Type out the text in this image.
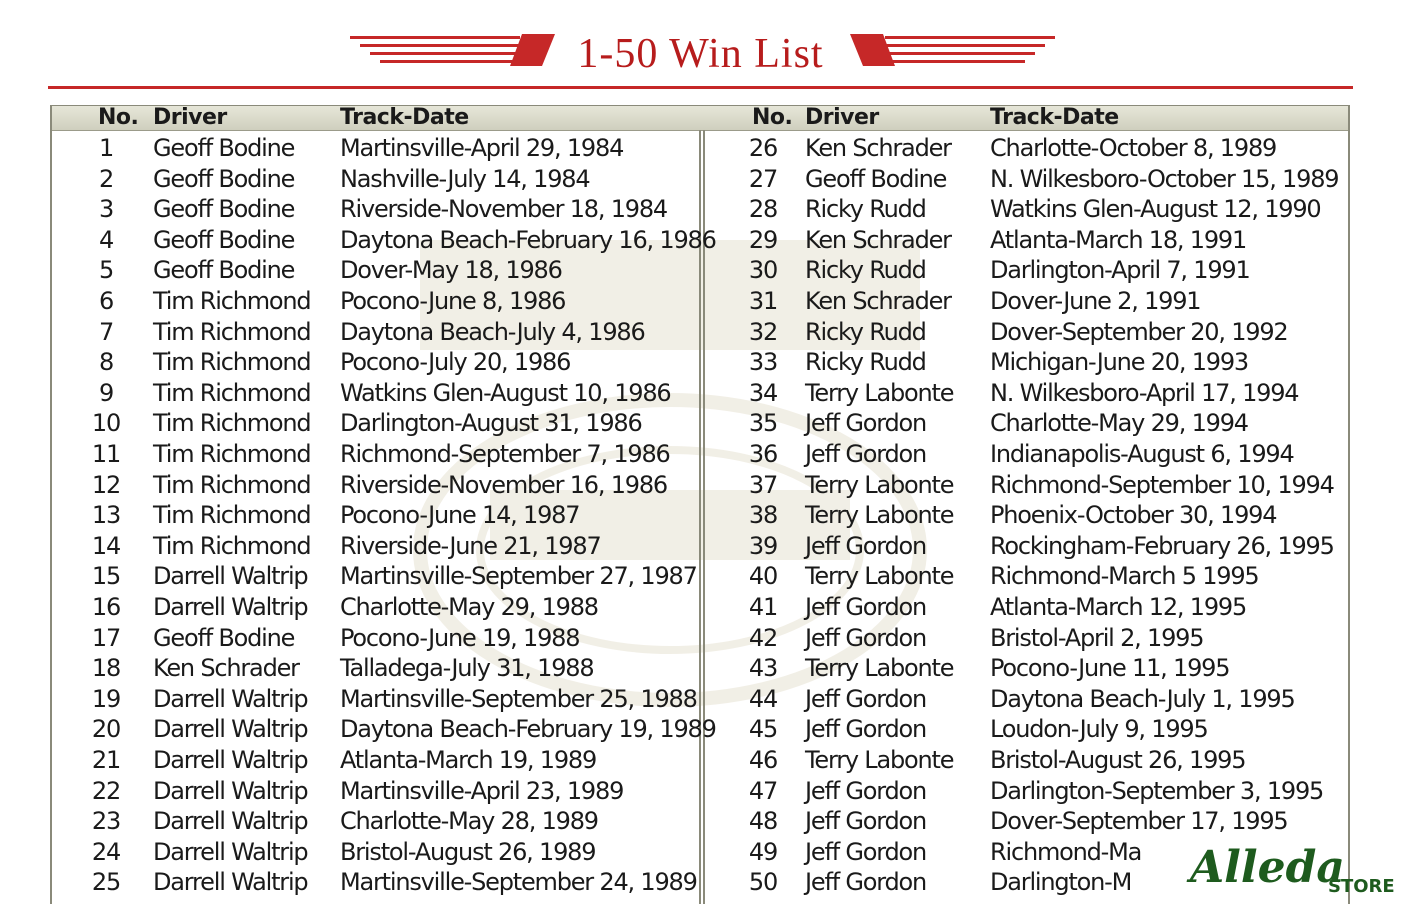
1-50 Win List
No. Driver	Track-Date	No. Driver	Track-Date
1	Geoff Bodine Martinsville-April 29, 1984
2	Geoff Bodine Nashville-July 14, 1984
3	Geoff Bodine Riverside-November 18, 1984
4	Geoff Bodine Daytona Beach-February 16, 1986
5	Geoff Bodine Dover-May 18, 1986
6	Tim Richmond Pocono-June 8, 1986
7	Tim Richmond Daytona Beach-July 4, 1986
8	Tim Richmond Pocono-July 20, 1986
9	Tim Richmond Watkins Glen-August 10, 1986
10 Tim Richmond Darlington-August 31, 1986
11 Tim Richmond Richmond-September 7, 1986
12 Tim Richmond Riverside-November 16, 1986
13 Tim Richmond Pocono-June 14, 1987
14 Tim Richmond Riverside-June 21, 1987
15 Darrell Waltrip Martinsville-September 27, 1987
16 Darrell Waltrip Charlotte-May 29, 1988
17 Geoff Bodine Pocono-June 19, 1988
18 Ken Schrader Talladega-July 31, 1988
19 Darrell Waltrip Martinsville-September 25, 1988
20 Darrell Waltrip Daytona Beach-February 19, 1989
21 Darrell Waltrip Atlanta-March 19, 1989
22 Darrell Waltrip Martinsville-April 23, 1989
23 Darrell Waltrip Charlotte-May 28, 1989
24 Darrell Waltrip Bristol-August 26, 1989
25 Darrell Waltrip Martinsville-September 24, 1989
26 Ken Schrader Charlotte-October 8, 1989
27 Geoff Bodine N. Wilkesboro-October 15, 1989
28 Ricky Rudd	Watkins Glen-August 12, 1990
29 Ken Schrader Atlanta-March 18, 1991
30 Ricky Rudd	Darlington-April 7, 1991
31 Ken Schrader Dover-June 2, 1991
32 Ricky Rudd	Dover-September 20, 1992
33 Ricky Rudd	Michigan-June 20, 1993
34 Terry Labonte N. Wilkesboro-April 17, 1994
35 Jeff Gordon	Charlotte-May 29, 1994
36 Jeff Gordon	Indianapolis-August 6, 1994
37 Terry Labonte Richmond-September 10, 1994
38 Terry Labonte Phoenix-October 30, 1994
39 Jeff Gordon	Rockingham-February 26, 1995
40 Terry Labonte Richmond-March 5 1995
41 Jeff Gordon	Atlanta-March 12, 1995
42 Jeff Gordon	Bristol-April 2, 1995
43 Terry Labonte Pocono-June 11, 1995
44 Jeff Gordon	Daytona Beach-July 1, 1995
45 Jeff Gordon	Loudon-July 9, 1995
46 Terry Labonte Bristol-August 26, 1995
47 Jeff Gordon	Darlington-September 3, 1995
48 Jeff Gordon	Dover-September 17, 1995
49 Jeff Gordon	Richmond-Ma
50 Jeff Gordon	Darlington-M Alleda
STORE
